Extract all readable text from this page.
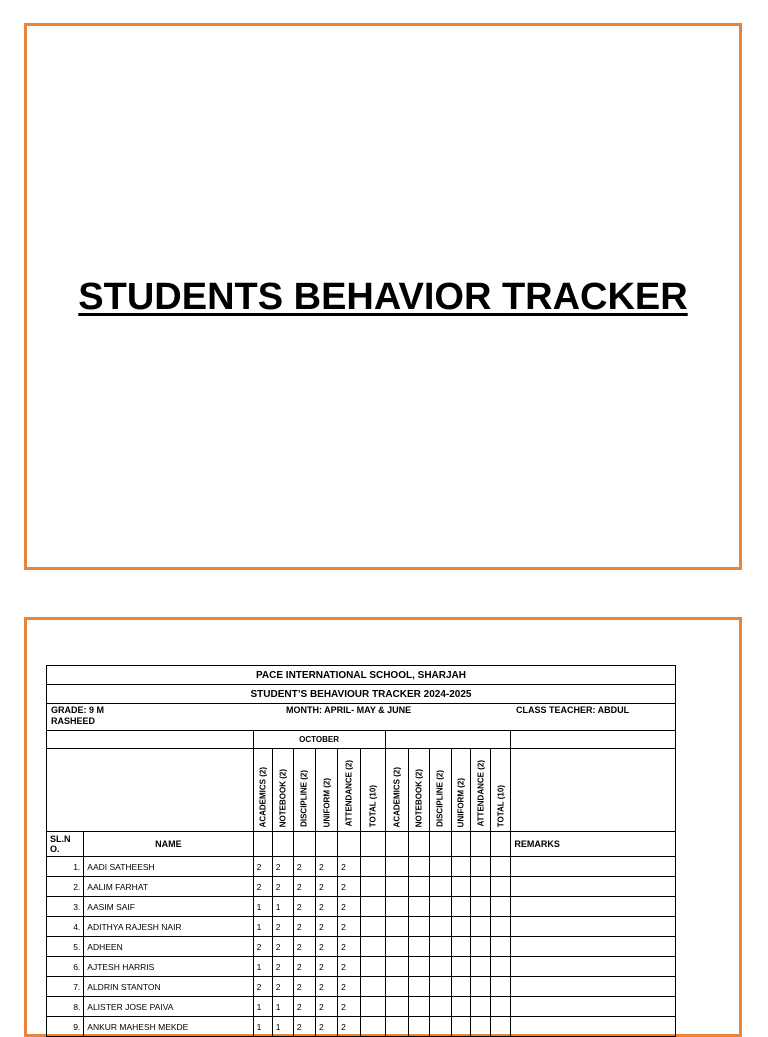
STUDENTS BEHAVIOR TRACKER
PACE INTERNATIONAL SCHOOL, SHARJAH														
STUDENT’S BEHAVIOUR TRACKER 2024-2025														

GRADE: 9 M
RASHEED
MONTH: APRIL- MAY & JUNE CLASS TEACHER: ABDUL														

		OCTOBER												

		ACADEMICS (2)	NOTEBOOK (2)	DISCIPLINE (2)	UNIFORM (2)	ATTENDANCE (2)	TOTAL (10)	ACADEMICS (2)	NOTEBOOK (2)	DISCIPLINE (2)	UNIFORM (2)	ATTENDANCE (2)	TOTAL (10)	

SL.N O.	NAME													REMARKS
1.	AADI SATHEESH	2	2	2	2	2								
2.	AALIM FARHAT	2	2	2	2	2								
3.	AASIM SAIF	1	1	2	2	2								
4.	ADITHYA RAJESH NAIR	1	2	2	2	2								
5.	ADHEEN	2	2	2	2	2								
6.	AJTESH HARRIS	1	2	2	2	2								
7.	ALDRIN STANTON	2	2	2	2	2								
8.	ALISTER JOSE PAIVA	1	1	2	2	2								
9.	ANKUR MAHESH MEKDE	1	1	2	2	2								
